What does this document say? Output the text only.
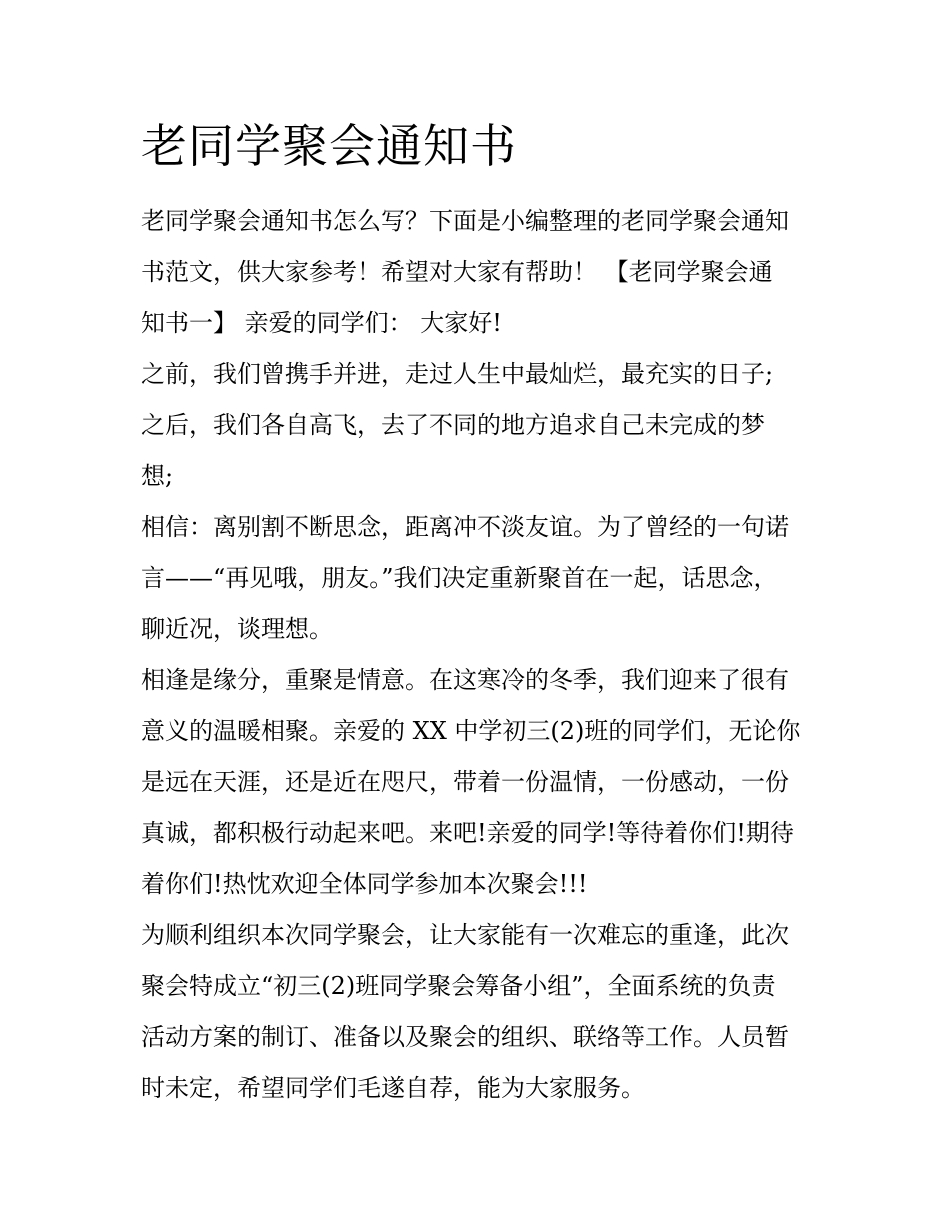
老同学聚会通知书
老同学聚会通知书怎么写？下面是小编整理的老同学聚会通知
书范文，供大家参考！希望对大家有帮助！ 【老同学聚会通
知书一】 亲爱的同学们： 大家好!
之前，我们曾携手并进，走过人生中最灿烂，最充实的日子;
之后，我们各自高飞，去了不同的地方追求自己未完成的梦
想;
相信：离别割不断思念，距离冲不淡友谊。为了曾经的一句诺
言——“再见哦，朋友。”我们决定重新聚首在一起，话思念，
聊近况，谈理想。
相逢是缘分，重聚是情意。在这寒冷的冬季，我们迎来了很有
意义的温暖相聚。亲爱的 XX 中学初三(2)班的同学们，无论你
是远在天涯，还是近在咫尺，带着一份温情，一份感动，一份
真诚，都积极行动起来吧。来吧!亲爱的同学!等待着你们!期待
着你们!热忱欢迎全体同学参加本次聚会!!!
为顺利组织本次同学聚会，让大家能有一次难忘的重逢，此次
聚会特成立“初三(2)班同学聚会筹备小组”，全面系统的负责
活动方案的制订、准备以及聚会的组织、联络等工作。人员暂
时未定，希望同学们毛遂自荐，能为大家服务。
